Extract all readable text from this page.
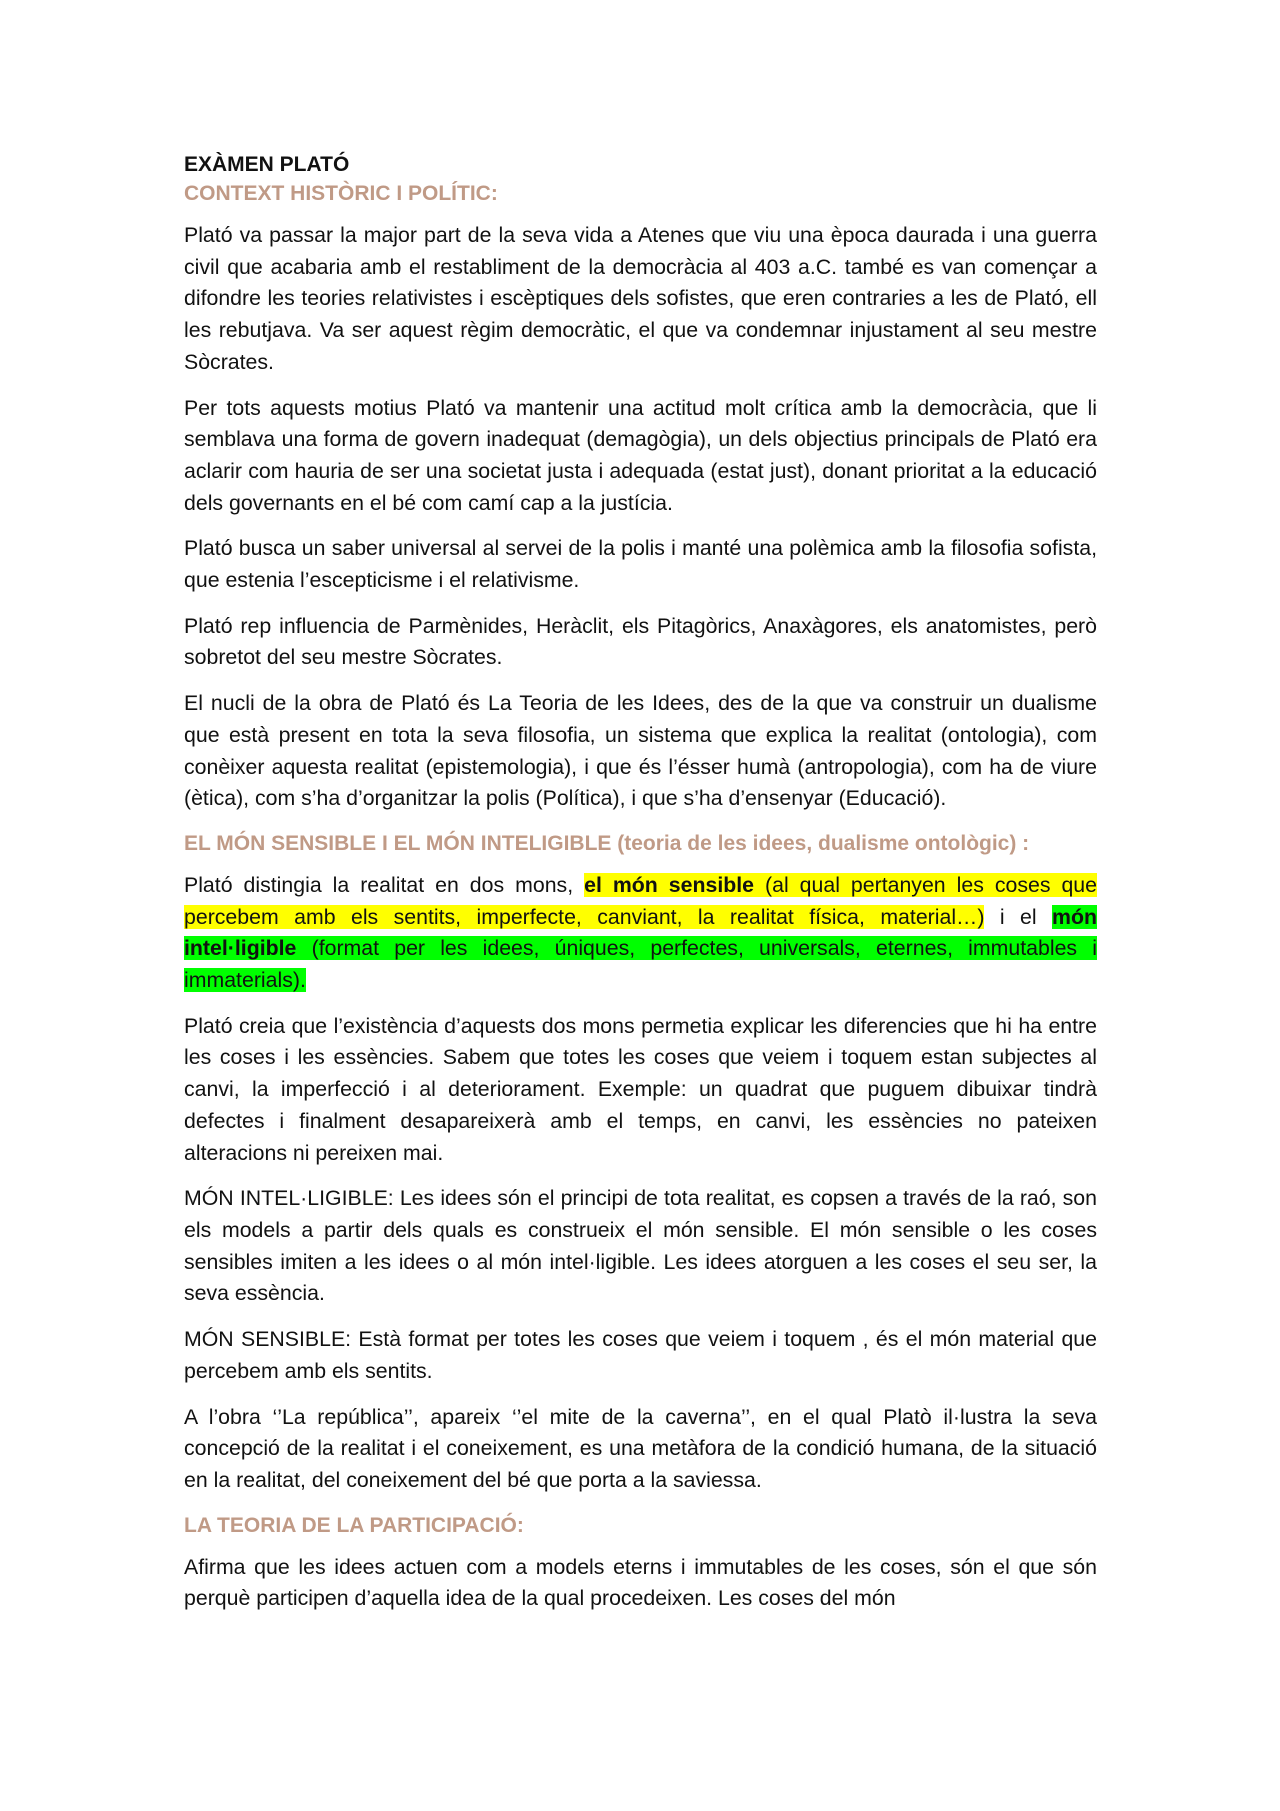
EXÀMEN PLATÓ
CONTEXT HISTÒRIC I POLÍTIC:

Plató va passar la major part de la seva vida a Atenes que viu una època daurada i una guerra civil que acabaria amb el restabliment de la democràcia al 403 a.C. també es van començar a difondre les teories relativistes i escèptiques dels sofistes, que eren contraries a les de Plató, ell les rebutjava. Va ser aquest règim democràtic, el que va condemnar injustament al seu mestre Sòcrates.

Per tots aquests motius Plató va mantenir una actitud molt crítica amb la democràcia, que li semblava una forma de govern inadequat (demagògia), un dels objectius principals de Plató era aclarir com hauria de ser una societat justa i adequada (estat just), donant prioritat a la educació dels governants en el bé com camí cap a la justícia.

Plató busca un saber universal al servei de la polis i manté una polèmica amb la filosofia sofista, que estenia l’escepticisme i el relativisme.

Plató rep influencia de Parmènides, Heràclit, els Pitagòrics, Anaxàgores, els anatomistes, però sobretot del seu mestre Sòcrates.

El nucli de la obra de Plató és La Teoria de les Idees, des de la que va construir un dualisme que està present en tota la seva filosofia, un sistema que explica la realitat (ontologia), com conèixer aquesta realitat (epistemologia), i que és l’ésser humà (antropologia), com ha de viure (ètica), com s’ha d’organitzar la polis (Política), i que s’ha d’ensenyar (Educació).

EL MÓN SENSIBLE I EL MÓN INTELIGIBLE (teoria de les idees, dualisme ontològic) :

Plató distingia la realitat en dos mons, el món sensible (al qual pertanyen les coses que percebem amb els sentits, imperfecte, canviant, la realitat física, material…) i el món intel·ligible (format per les idees, úniques, perfectes, universals, eternes, immutables i immaterials).

Plató creia que l’existència d’aquests dos mons permetia explicar les diferencies que hi ha entre les coses i les essències. Sabem que totes les coses que veiem i toquem estan subjectes al canvi, la imperfecció i al deteriorament. Exemple: un quadrat que puguem dibuixar tindrà defectes i finalment desapareixerà amb el temps, en canvi, les essències no pateixen alteracions ni pereixen mai.

MÓN INTEL·LIGIBLE: Les idees són el principi de tota realitat, es copsen a través de la raó, son els models a partir dels quals es construeix el món sensible. El món sensible o les coses sensibles imiten a les idees o al món intel·ligible. Les idees atorguen a les coses el seu ser, la seva essència.

MÓN SENSIBLE: Està format per totes les coses que veiem i toquem , és el món material que percebem amb els sentits.

A l’obra ‘’La república’’, apareix ‘’el mite de la caverna’’, en el qual Platò il·lustra la seva concepció de la realitat i el coneixement, es una metàfora de la condició humana, de la situació en la realitat, del coneixement del bé que porta a la saviessa.

LA TEORIA DE LA PARTICIPACIÓ:

Afirma que les idees actuen com a models eterns i immutables de les coses, són el que són perquè participen d’aquella idea de la qual procedeixen. Les coses del món
